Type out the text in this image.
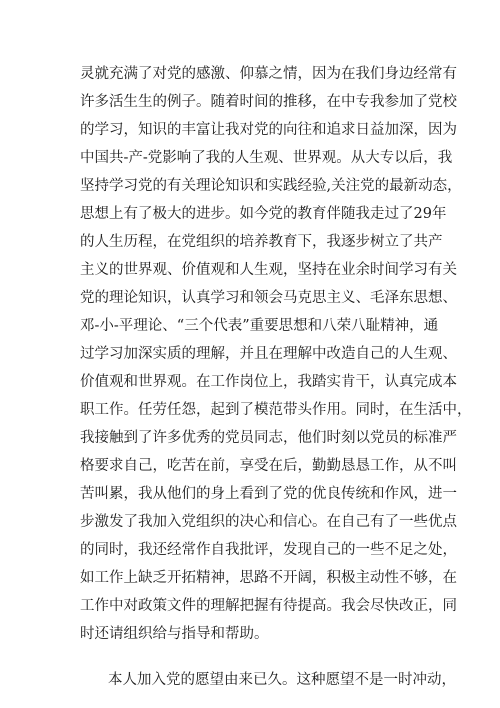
灵就充满了对党的感激、仰慕之情，因为在我们身边经常有
许多活生生的例子。随着时间的推移，在中专我参加了党校
的学习，知识的丰富让我对党的向往和追求日益加深，因为
中国共-产-党影响了我的人生观、世界观。从大专以后，我
坚持学习党的有关理论知识和实践经验,关注党的最新动态，
思想上有了极大的进步。如今党的教育伴随我走过了29年
的人生历程，在党组织的培养教育下，我逐步树立了共产
主义的世界观、价值观和人生观，坚持在业余时间学习有关
党的理论知识，认真学习和领会马克思主义、毛泽东思想、
邓-小-平理论、“三个代表”重要思想和八荣八耻精神，通
过学习加深实质的理解，并且在理解中改造自己的人生观、
价值观和世界观。在工作岗位上，我踏实肯干，认真完成本
职工作。任劳任怨，起到了模范带头作用。同时，在生活中，
我接触到了许多优秀的党员同志，他们时刻以党员的标准严
格要求自己，吃苦在前，享受在后，勤勤恳恳工作，从不叫
苦叫累，我从他们的身上看到了党的优良传统和作风，进一
步激发了我加入党组织的决心和信心。在自己有了一些优点
的同时，我还经常作自我批评，发现自己的一些不足之处，
如工作上缺乏开拓精神，思路不开阔，积极主动性不够，在
工作中对政策文件的理解把握有待提高。我会尽快改正，同
时还请组织给与指导和帮助。
本人加入党的愿望由来已久。这种愿望不是一时冲动，
